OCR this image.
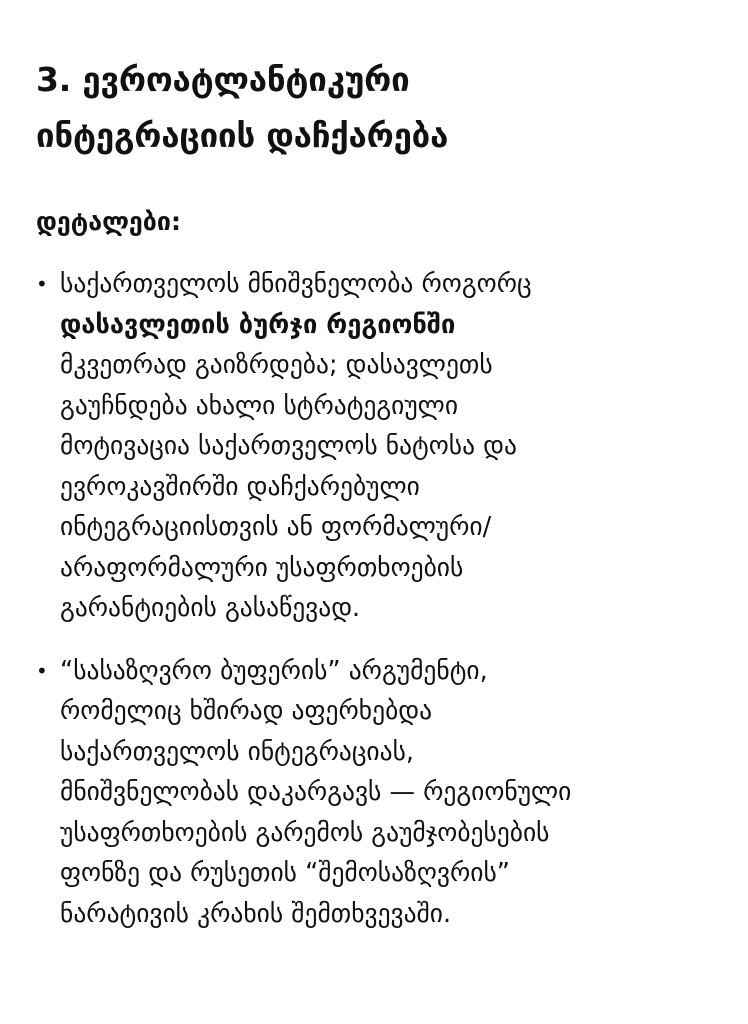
3. ევროატლანტიკური
ინტეგრაციის დაჩქარება
დეტალები:
• საქართველოს მნიშვნელობა როგორც
დასავლეთის ბურჯი რეგიონში
მკვეთრად გაიზრდება; დასავლეთს
გაუჩნდება ახალი სტრატეგიული
მოტივაცია საქართველოს ნატოსა და
ევროკავშირში დაჩქარებული
ინტეგრაციისთვის ან ფორმალური/
არაფორმალური უსაფრთხოების
გარანტიების გასაწევად.
• “სასაზღვრო ბუფერის” არგუმენტი,
რომელიც ხშირად აფერხებდა
საქართველოს ინტეგრაციას,
მნიშვნელობას დაკარგავს — რეგიონული
უსაფრთხოების გარემოს გაუმჯობესების
ფონზე და რუსეთის “შემოსაზღვრის”
ნარატივის კრახის შემთხვევაში.
